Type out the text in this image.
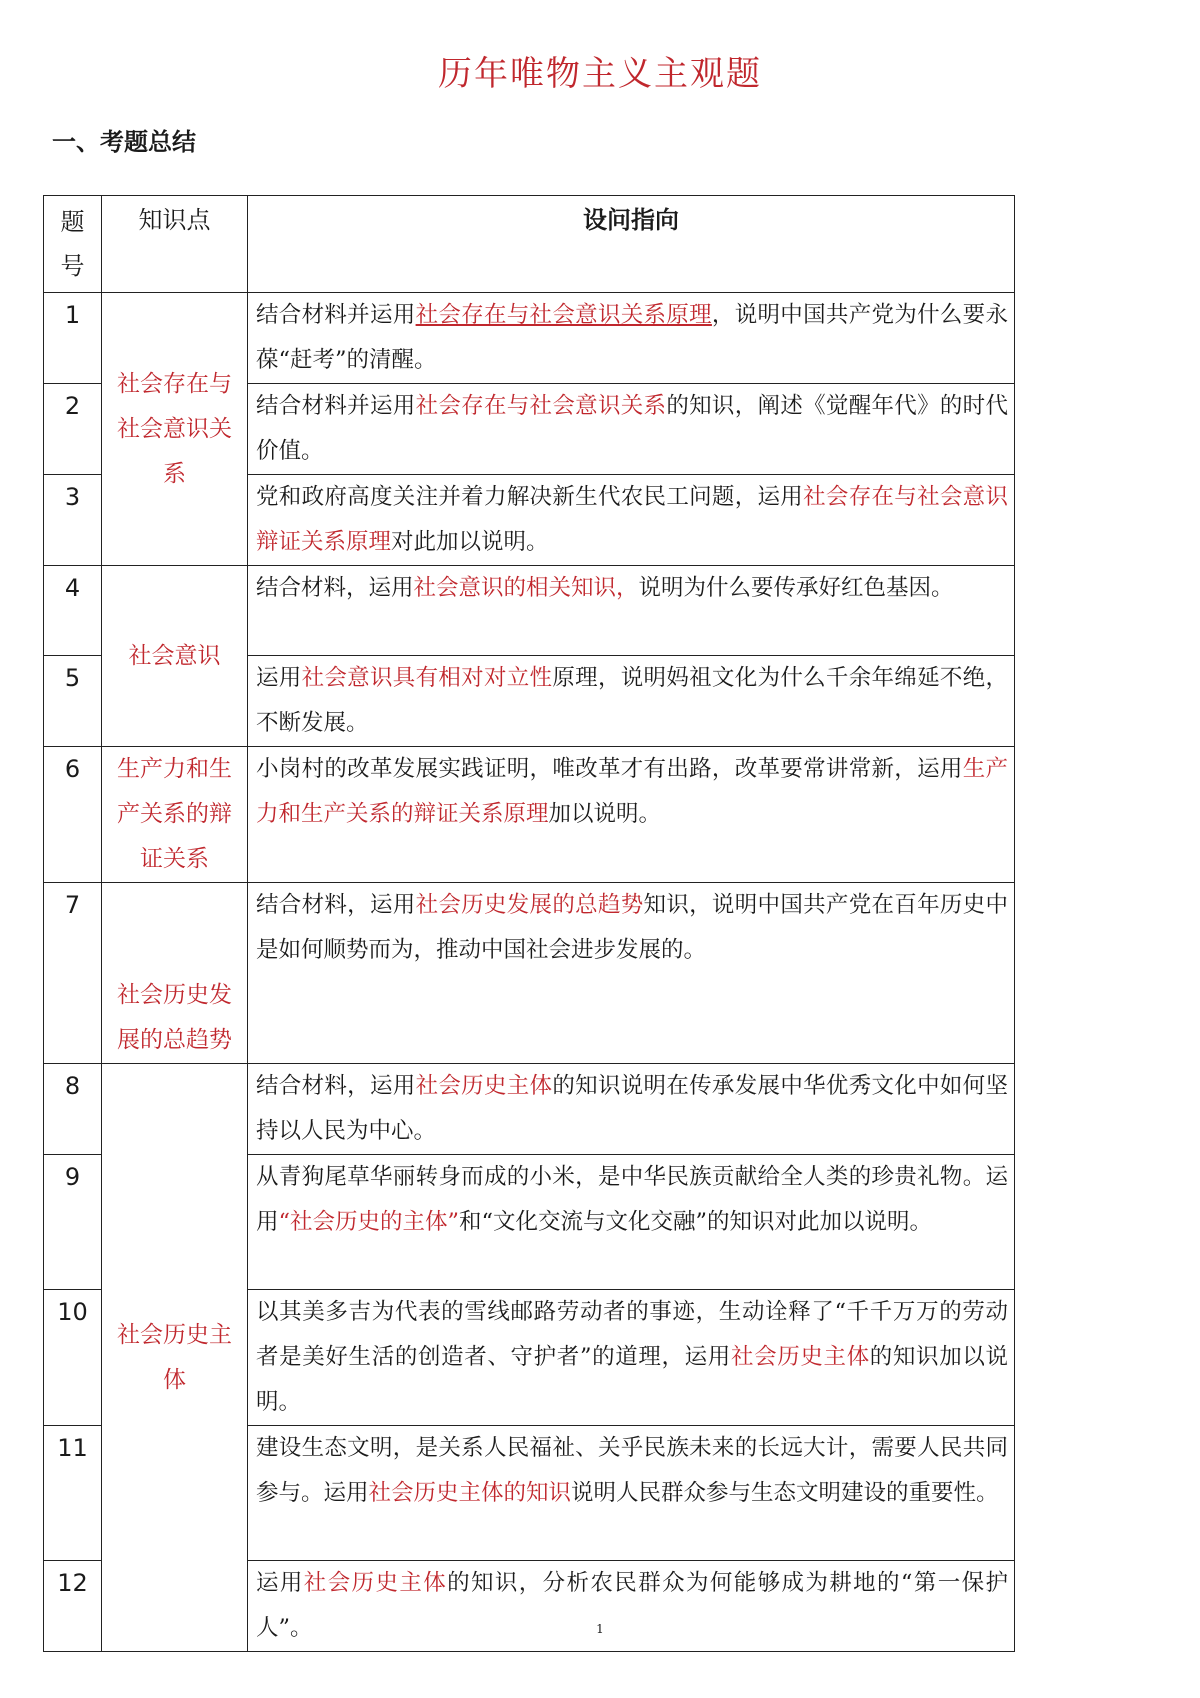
历年唯物主义主观题
一、考题总结
题号	知识点	设问指向
1	社会存在与社会意识关系	结合材料并运用社会存在与社会意识关系原理，说明中国共产党为什么要永葆“赶考”的清醒。
2		结合材料并运用社会存在与社会意识关系的知识，阐述《觉醒年代》的时代价值。
3		党和政府高度关注并着力解决新生代农民工问题，运用社会存在与社会意识辩证关系原理对此加以说明。
4	社会意识	结合材料，运用社会意识的相关知识，说明为什么要传承好红色基因。
5		运用社会意识具有相对对立性原理，说明妈祖文化为什么千余年绵延不绝，不断发展。
6	生产力和生产关系的辩证关系	小岗村的改革发展实践证明，唯改革才有出路，改革要常讲常新，运用生产力和生产关系的辩证关系原理加以说明。
7	社会历史发展的总趋势	结合材料，运用社会历史发展的总趋势知识，说明中国共产党在百年历史中是如何顺势而为，推动中国社会进步发展的。
8	社会历史主体	结合材料，运用社会历史主体的知识说明在传承发展中华优秀文化中如何坚持以人民为中心。
9		从青狗尾草华丽转身而成的小米，是中华民族贡献给全人类的珍贵礼物。运用“社会历史的主体”和“文化交流与文化交融”的知识对此加以说明。
10		以其美多吉为代表的雪线邮路劳动者的事迹，生动诠释了“千千万万的劳动者是美好生活的创造者、守护者”的道理，运用社会历史主体的知识加以说明。
11		建设生态文明，是关系人民福祉、关乎民族未来的长远大计，需要人民共同参与。运用社会历史主体的知识说明人民群众参与生态文明建设的重要性。
12		运用社会历史主体的知识，分析农民群众为何能够成为耕地的“第一保护人”。	1
